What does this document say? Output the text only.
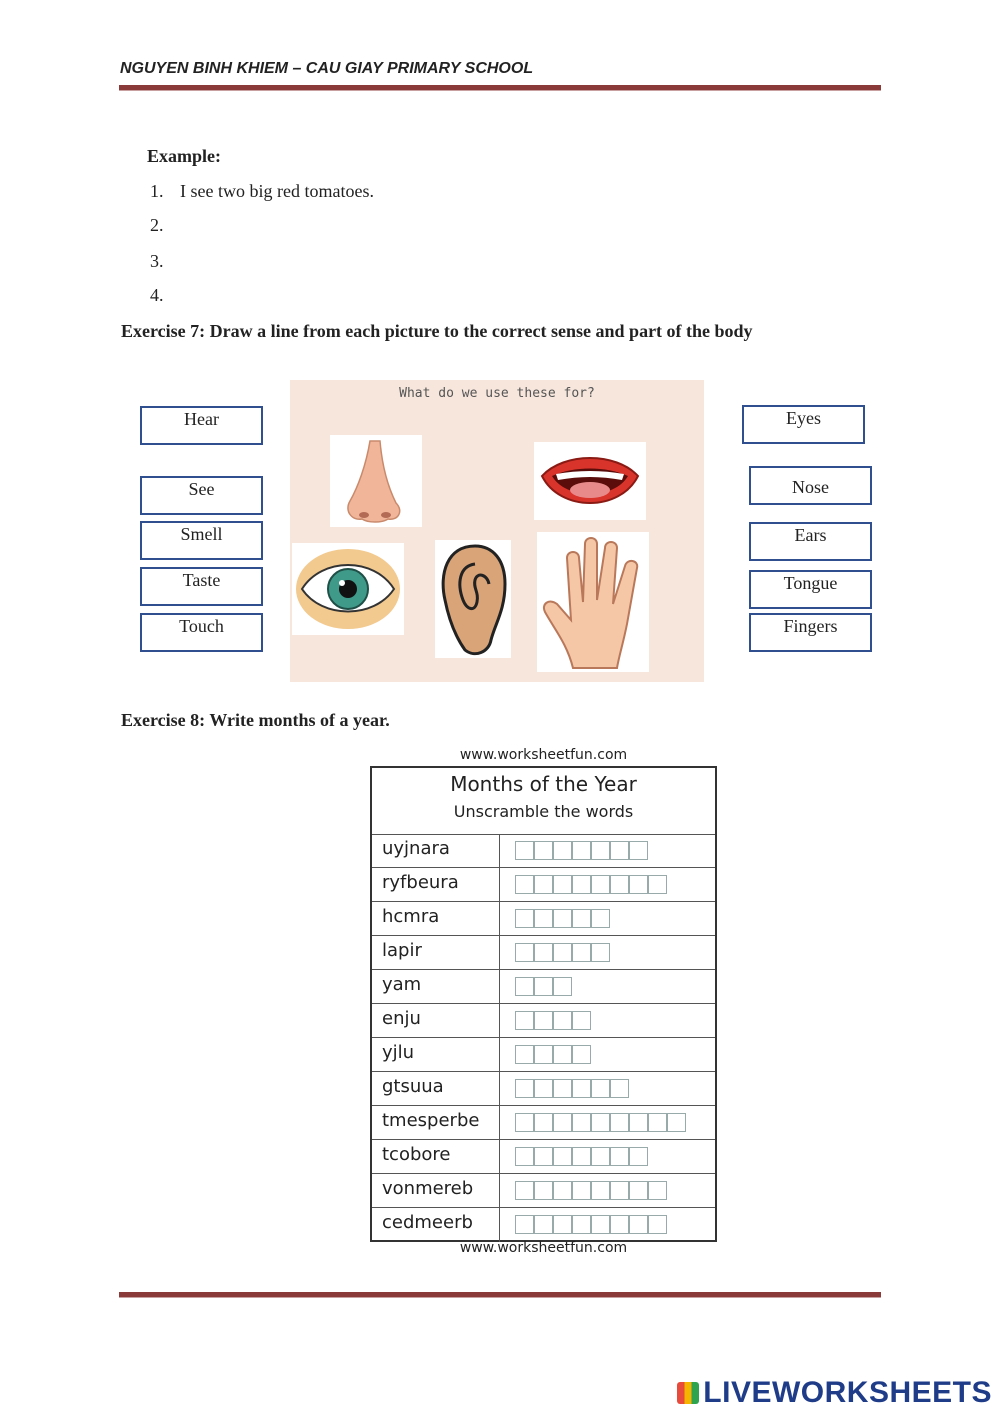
NGUYEN BINH KHIEM – CAU GIAY PRIMARY SCHOOL
Example:
1. I see two big red tomatoes.
2.
3.
4.
Exercise 7: Draw a line from each picture to the correct sense and part of the body
Hear
See
Smell
Taste
Touch
Eyes
Nose
Ears
Tongue
Fingers
What do we use these for?
Exercise 8: Write months of a year.
www.worksheetfun.com
Months of the Year
Unscramble the words
uyjnara
ryfbeura
hcmra
lapir
yam
enju
yjlu
gtsuua
tmesperbe
tcobore
vonmereb
cedmeerb
www.worksheetfun.com
LIVEWORKSHEETS
